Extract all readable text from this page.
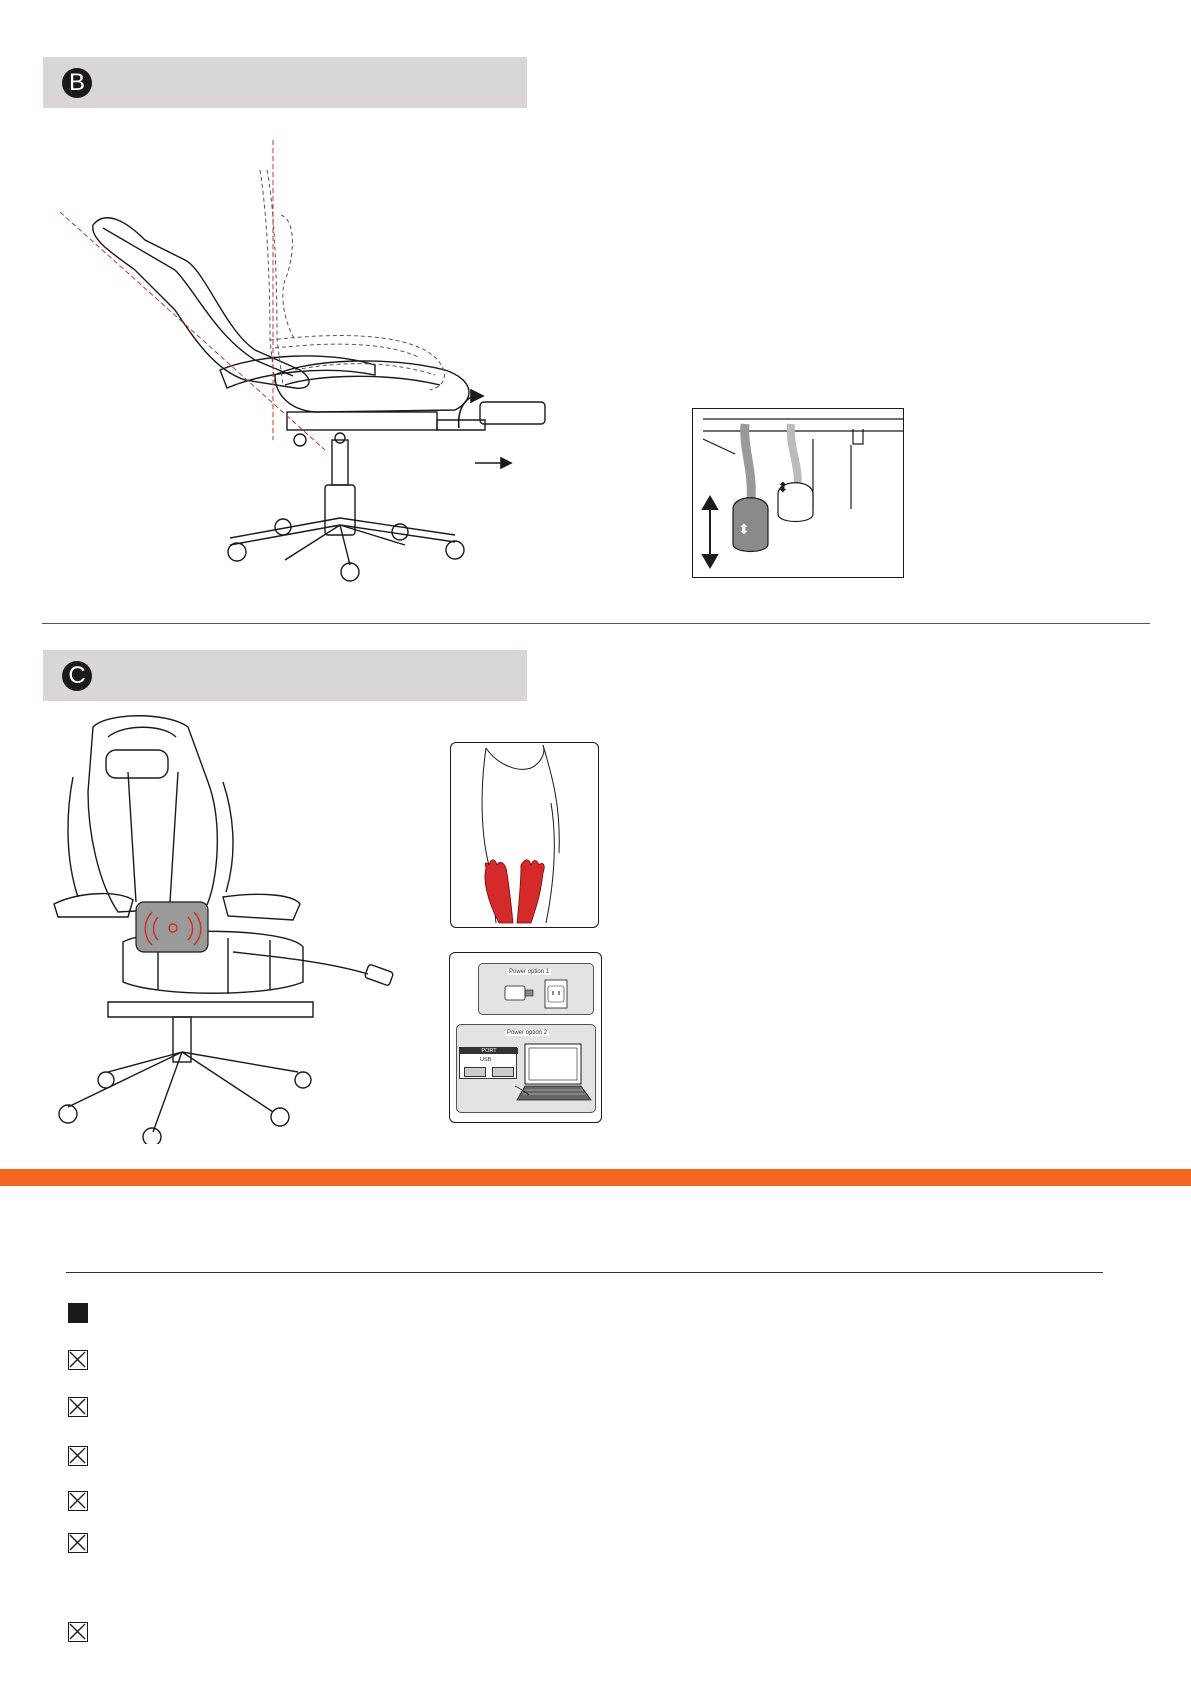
B
⬍
⬍
C
Power option 1
Power option 2
PORT
USB
